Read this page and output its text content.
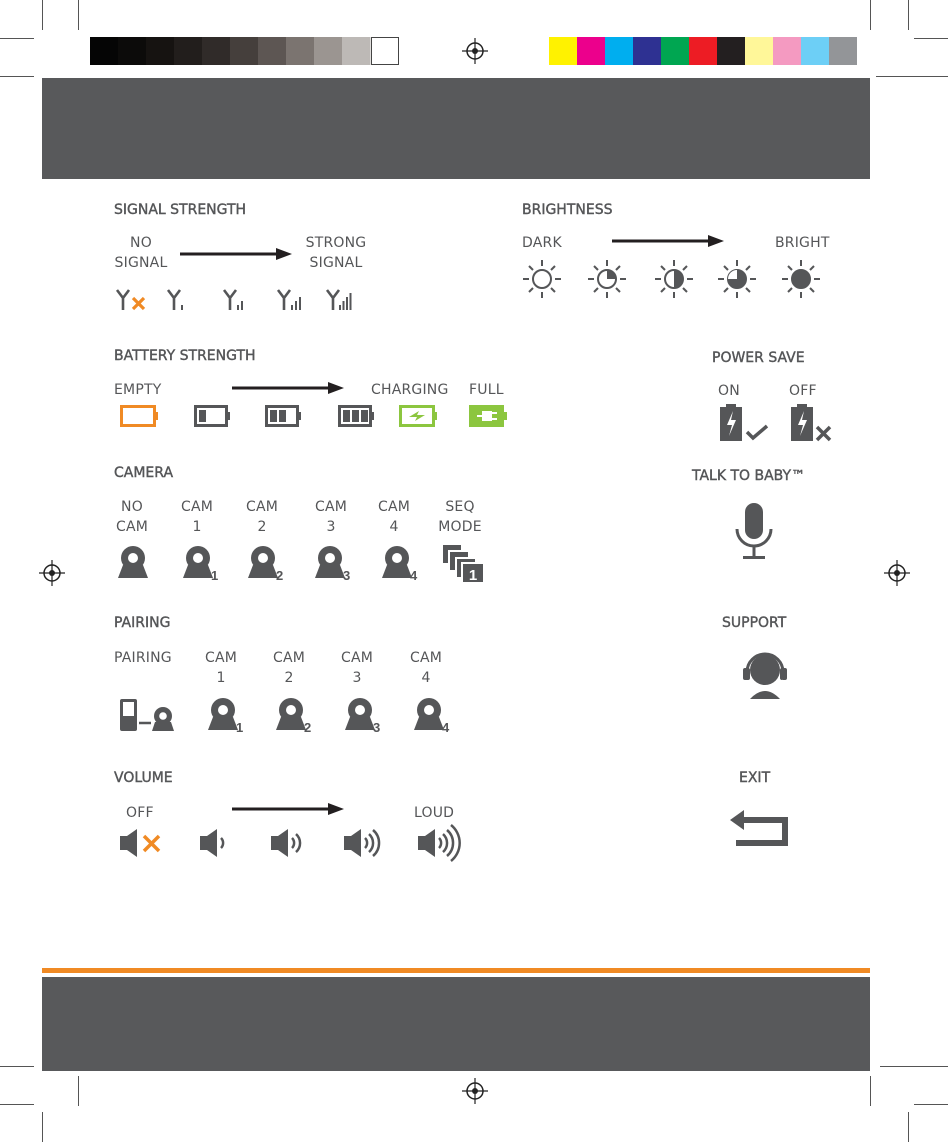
SIGNAL STRENGTH
NO
SIGNAL
STRONG
SIGNAL
BRIGHTNESS
DARK	BRIGHT
BATTERY STRENGTH
EMPTY	CHARGING FULL
POWER SAVE
ON	OFF
CAMERA
NO
CAM
CAM
1
CAM
2
CAM
3
CAM
4
SEQ
MODE
1	2	3	4	1
TALK TO BABY™
PAIRING
PAIRING	CAM
1
CAM
2
CAM
3
CAM
4
1	2	3	4
SUPPORT
VOLUME
OFF	LOUD
EXIT
